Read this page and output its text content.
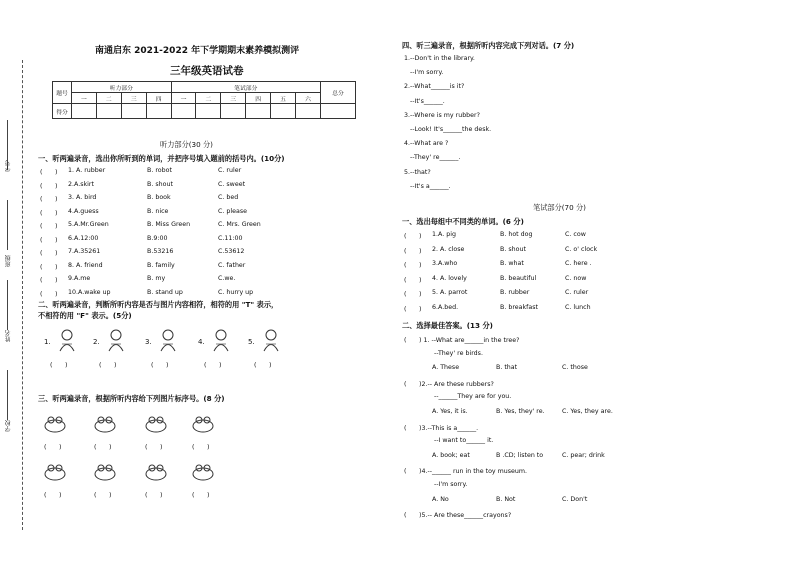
学号
班级
姓名
学校
南通启东 2021-2022 年下学期期末素养模拟测评
三年级英语试卷
题号	听力部分				笔试部分						总分
	一	二	三	四	一	二	三	四	五	六	
得分											
听力部分(30 分)
一、听两遍录音，选出你所听到的单词，并把序号填入题前的括号内。(10分)
二、听两遍录音，判断所听内容是否与图片内容相符，相符的用 "T" 表示，
不相符的用 "F" 表示。(5分)
三、听两遍录音，根据所听内容给下列图片标序号。(8 分)
四、听三遍录音，根据所听内容完成下列对话。(7 分)
笔试部分(70 分)
一、选出每组中不同类的单词。(6 分)
二、选择最佳答案。(13 分)
(　　) 1. A. rubber	B. robot	C. ruler
(　　) 2.A.skirt	B. shout	C. sweet
(　　) 3. A. bird	B. book	C. bed
(　　) 4.A.guess	B. nice	C. please
(　　) 5.A.Mr.Green	B. Miss Green	C. Mrs. Green
(　　) 6.A.12:00	B.9:00	C.11:00
(　　) 7.A.35261	B.53216	C.53612
(　　) 8. A. friend	B. family	C. father
(　　) 9.A.me	B. my	C.we.
(　　) 10.A.wake up	B. stand up	C. hurry up
1.
(　　)
2.
(　　)
3.
(　　)
4.
(　　)
5.
(　　)
(　　)	(　　)	(　　)	(　　)
(　　)	(　　)	(　　)	(　　)
1.--Don't in the library.
--I'm sorry.
2.--What______is it?
--It's______.
3.--Where is my rubber?
--Look! It's______the desk.
4.--What are ?
--They' re______.
5.--that?
--It's a______.
(　　) 1.A. pig	B. hot dog	C. cow
(　　) 2. A. close	B. shout	C. o' clock
(　　) 3.A.who	B. what	C. here .
(　　) 4. A. lovely	B. beautiful	C. now
(　　) 5. A. parrot	B. rubber	C. ruler
(　　) 6.A.bed.	B. breakfast	C. lunch
(　　) 1. --What are______in the tree?
--They' re birds.
A. These	B. that	C. those
(　　)2.-- Are these rubbers?
--______They are for you.
A. Yes, it is.	B. Yes, they' re.	C. Yes, they are.
(　　)3.--This is a______.
--I want to______ it.
A. book; eat	B .CD; listen to	C. pear; drink
(　　)4.--______ run in the toy museum.
--I'm sorry.
A. No	B. Not	C. Don't
(　　)5.-- Are these______crayons?
